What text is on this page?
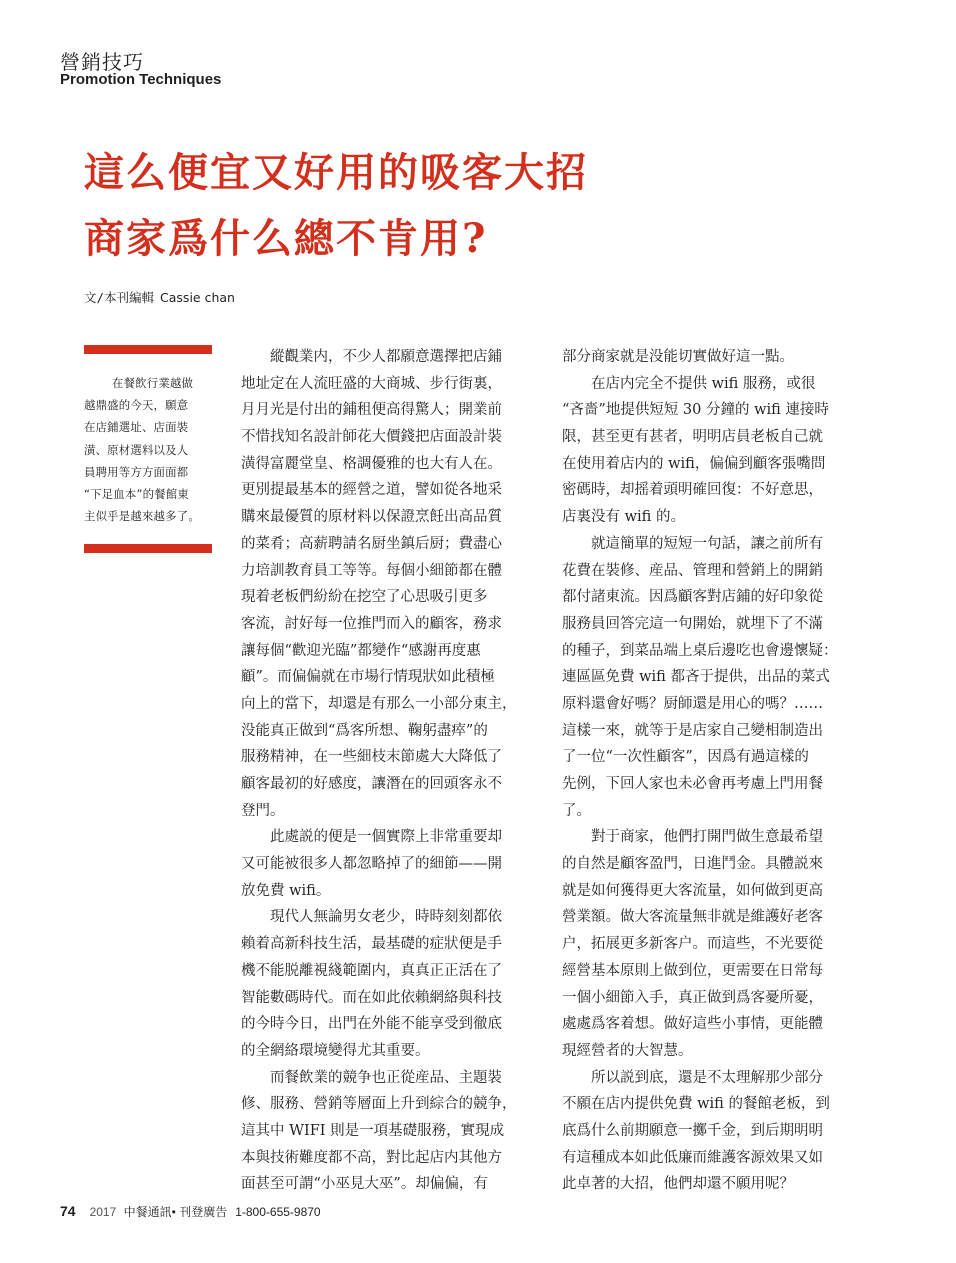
營銷技巧
Promotion Techniques
這么便宜又好用的吸客大招
商家爲什么總不肯用?
文/本刊編輯 Cassie chan
在餐飲行業越做
越鼎盛的今天，願意
在店鋪選址、店面裝
潢、原材選料以及人
員聘用等方方面面都
“下足血本”的餐館東
主似乎是越來越多了。
縱觀業内，不少人都願意選擇把店鋪
地址定在人流旺盛的大商城、步行街裏，
月月光是付出的鋪租便高得驚人；開業前
不惜找知名設計師花大價錢把店面設計裝
潢得富麗堂皇、格調優雅的也大有人在。
更別提最基本的經營之道，譬如從各地采
購來最優質的原材料以保證烹飪出高品質
的菜肴；高薪聘請名厨坐鎮后厨；費盡心
力培訓教育員工等等。每個小細節都在體
現着老板們紛紛在挖空了心思吸引更多
客流，討好每一位推門而入的顧客，務求
讓每個“歡迎光臨”都變作“感謝再度惠
顧”。而偏偏就在市場行情現狀如此積極
向上的當下，却還是有那么一小部分東主，
没能真正做到“爲客所想、鞠躬盡瘁”的
服務精神，在一些細枝末節處大大降低了
顧客最初的好感度，讓潛在的回頭客永不
登門。
此處説的便是一個實際上非常重要却
又可能被很多人都忽略掉了的細節——開
放免費 wifi。
現代人無論男女老少，時時刻刻都依
賴着高新科技生活，最基礎的症狀便是手
機不能脱離視綫範圍内，真真正正活在了
智能數碼時代。而在如此依賴網絡與科技
的今時今日，出門在外能不能享受到徹底
的全網絡環境變得尤其重要。
而餐飲業的競争也正從産品、主題裝
修、服務、營銷等層面上升到綜合的競争，
這其中 WIFI 則是一項基礎服務，實現成
本與技術難度都不高，對比起店内其他方
面甚至可謂“小巫見大巫”。却偏偏，有
部分商家就是没能切實做好這一點。
在店内完全不提供 wifi 服務，或很
“吝嗇”地提供短短 30 分鐘的 wifi 連接時
限，甚至更有甚者，明明店員老板自己就
在使用着店内的 wifi，偏偏到顧客張嘴問
密碼時，却摇着頭明確回復：不好意思，
店裏没有 wifi 的。
就這簡單的短短一句話，讓之前所有
花費在裝修、産品、管理和營銷上的開銷
都付諸東流。因爲顧客對店鋪的好印象從
服務員回答完這一句開始，就埋下了不滿
的種子，到菜品端上桌后邊吃也會邊懷疑：
連區區免費 wifi 都吝于提供，出品的菜式
原料還會好嗎？厨師還是用心的嗎？……
這樣一來，就等于是店家自己變相制造出
了一位“一次性顧客”，因爲有過這樣的
先例，下回人家也未必會再考慮上門用餐
了。
對于商家，他們打開門做生意最希望
的自然是顧客盈門，日進鬥金。具體説來
就是如何獲得更大客流量，如何做到更高
營業額。做大客流量無非就是維護好老客
户，拓展更多新客户。而這些，不光要從
經營基本原則上做到位，更需要在日常每
一個小細節入手，真正做到爲客憂所憂，
處處爲客着想。做好這些小事情，更能體
現經營者的大智慧。
所以説到底，還是不太理解那少部分
不願在店内提供免費 wifi 的餐館老板，到
底爲什么前期願意一擲千金，到后期明明
有這種成本如此低廉而維護客源效果又如
此卓著的大招，他們却還不願用呢？
74 2017 中餐通訊• 刊登廣告 1-800-655-9870
